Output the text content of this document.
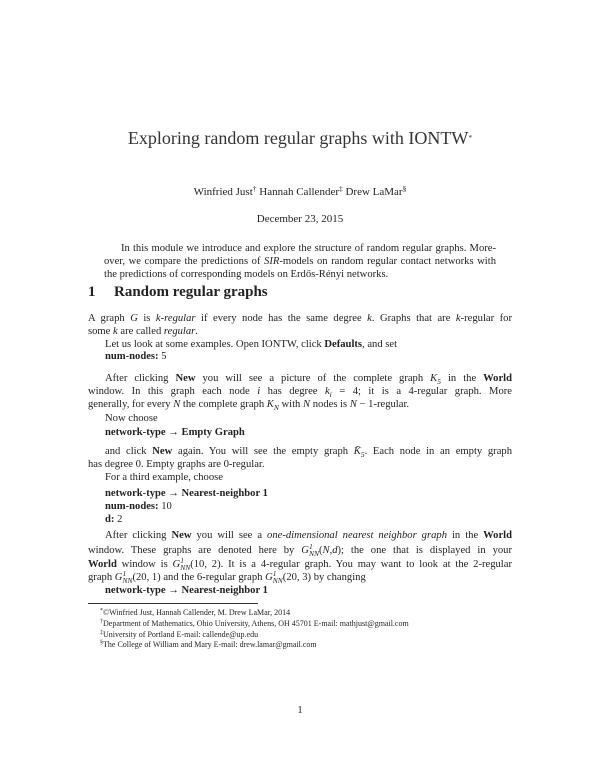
Exploring random regular graphs with IONTW*
Winfried Just† Hannah Callender‡ Drew LaMar§
December 23, 2015
In this module we introduce and explore the structure of random regular graphs. More-
over, we compare the predictions of SIR-models on random regular contact networks with
the predictions of corresponding models on Erdős-Rényi networks.
1 Random regular graphs
A graph G is k-regular if every node has the same degree k. Graphs that are k-regular for
some k are called regular.
Let us look at some examples. Open IONTW, click Defaults, and set
num-nodes: 5
After clicking New you will see a picture of the complete graph $K_5$ in the World
window. In this graph each node i has degree $k_i = 4$; it is a 4-regular graph. More
generally, for every N the complete graph $K_N$ with N nodes is N − 1-regular.
Now choose
network-type → Empty Graph
and click New again. You will see the empty graph $K̄_5$. Each node in an empty graph
has degree 0. Empty graphs are 0-regular.
For a third example, choose
network-type → Nearest-neighbor 1
num-nodes: 10
d: 2
After clicking New you will see a one-dimensional nearest neighbor graph in the World
window. These graphs are denoted here by G 1
NN (N,d); the one that is displayed in your
World window is G 1
NN (10, 2). It is a 4-regular graph. You may want to look at the 2-regular
graph G 1
NN (20, 1) and the 6-regular graph G 1
NN (20, 3) by changing
network-type → Nearest-neighbor 1
*©Winfried Just, Hannah Callender, M. Drew LaMar, 2014
†Department of Mathematics, Ohio University, Athens, OH 45701 E-mail: mathjust@gmail.com
‡University of Portland E-mail: callende@up.edu
§The College of William and Mary E-mail: drew.lamar@gmail.com
1
